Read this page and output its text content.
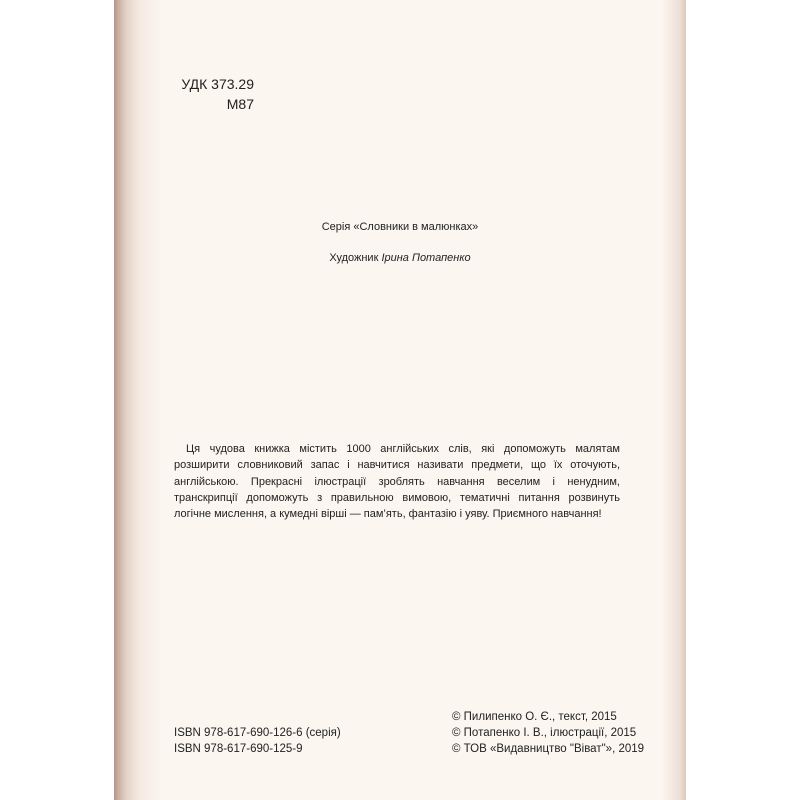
УДК 373.29
М87
Серія «Словники в малюнках»
Художник Ірина Потапенко

Ця чудова книжка містить 1000 англійських слів, які допоможуть малятам розширити словниковий запас і навчитися називати предмети, що їх оточують, англійською. Прекрасні ілюстрації зроблять навчання веселим і ненудним, транскрипції допоможуть з правильною вимовою, тематичні питання розвинуть логічне мислення, а кумедні вірші — пам’ять, фантазію і уяву. Приємного навчання!

ISBN 978-617-690-126-6 (серія)
ISBN 978-617-690-125-9
© Пилипенко О. Є., текст, 2015
© Потапенко І. В., ілюстрації, 2015
© ТОВ «Видавництво "Віват"», 2019
